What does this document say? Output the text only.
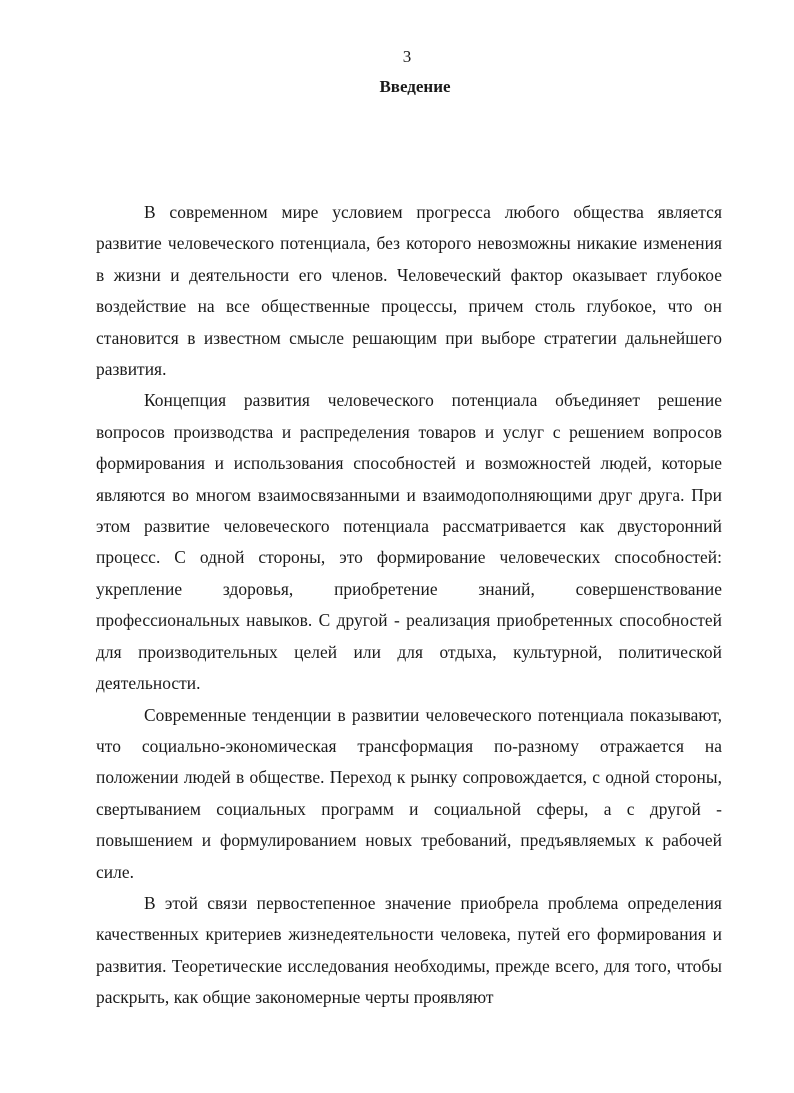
3
Введение

В современном мире условием прогресса любого общества является развитие человеческого потенциала, без которого невозможны никакие изменения в жизни и деятельности его членов. Человеческий фактор оказывает глубокое воздействие на все общественные процессы, причем столь глубокое, что он становится в известном смысле решающим при выборе стратегии дальнейшего развития.

Концепция развития человеческого потенциала объединяет решение вопросов производства и распределения товаров и услуг с решением вопросов формирования и использования способностей и возможностей людей, которые являются во многом взаимосвязанными и взаимодополняющими друг друга. При этом развитие человеческого потенциала рассматривается как двусторонний процесс. С одной стороны, это формирование человеческих способностей: укрепление здоровья, приобретение знаний, совершенствование профессиональных навыков. С другой - реализация приобретенных способностей для производительных целей или для отдыха, культурной, политической деятельности.

Современные тенденции в развитии человеческого потенциала показывают, что социально-экономическая трансформация по-разному отражается на положении людей в обществе. Переход к рынку сопровождается, с одной стороны, свертыванием социальных программ и социальной сферы, а с другой - повышением и формулированием новых требований, предъявляемых к рабочей силе.

В этой связи первостепенное значение приобрела проблема определения качественных критериев жизнедеятельности человека, путей его формирования и развития. Теоретические исследования необходимы, прежде всего, для того, чтобы раскрыть, как общие закономерные черты проявляют
